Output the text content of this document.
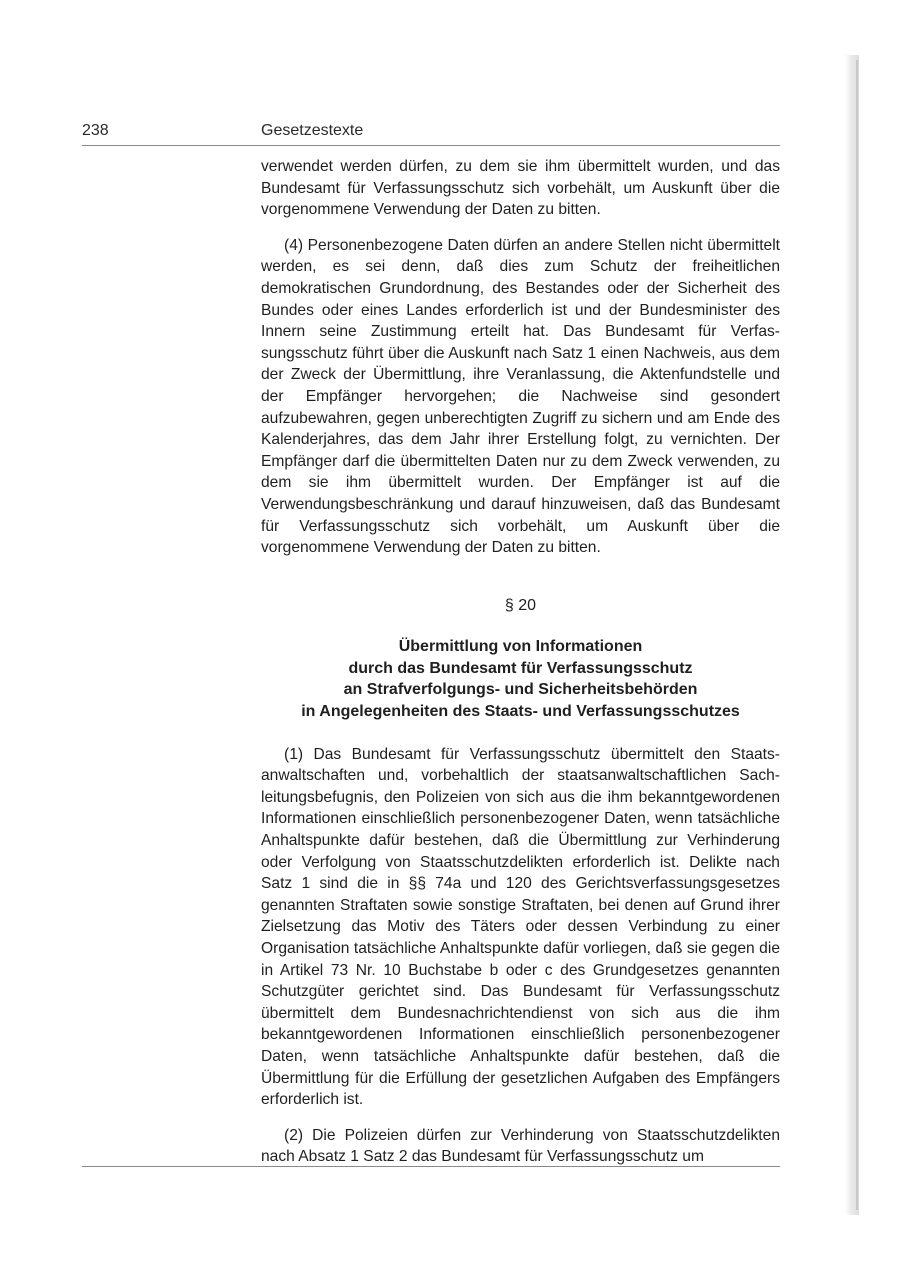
238	Gesetzestexte

verwendet werden dürfen, zu dem sie ihm übermittelt wurden, und das Bundesamt für Verfassungsschutz sich vorbehält, um Auskunft über die vorgenommene Verwendung der Daten zu bitten.

(4) Personenbezogene Daten dürfen an andere Stellen nicht übermittelt werden, es sei denn, daß dies zum Schutz der freiheitlichen demokratischen Grundordnung, des Bestandes oder der Sicherheit des Bundes oder eines Landes erforderlich ist und der Bundesminister des Innern seine Zustimmung erteilt hat. Das Bundesamt für Verfassungsschutz führt über die Auskunft nach Satz 1 einen Nachweis, aus dem der Zweck der Übermittlung, ihre Veranlassung, die Aktenfundstelle und der Empfänger hervorgehen; die Nachweise sind gesondert aufzubewahren, gegen unberechtigten Zugriff zu sichern und am Ende des Kalenderjahres, das dem Jahr ihrer Erstellung folgt, zu vernichten. Der Empfänger darf die übermittelten Daten nur zu dem Zweck verwenden, zu dem sie ihm übermittelt wurden. Der Empfänger ist auf die Verwendungsbeschränkung und darauf hinzuweisen, daß das Bundesamt für Verfassungsschutz sich vorbehält, um Auskunft über die vorgenommene Verwendung der Daten zu bitten.

§ 20

Übermittlung von Informationen
durch das Bundesamt für Verfassungsschutz
an Strafverfolgungs- und Sicherheitsbehörden
in Angelegenheiten des Staats- und Verfassungsschutzes

(1) Das Bundesamt für Verfassungsschutz übermittelt den Staatsanwaltschaften und, vorbehaltlich der staatsanwaltschaftlichen Sachleitungsbefugnis, den Polizeien von sich aus die ihm bekanntgewordenen Informationen einschließlich personenbezogener Daten, wenn tatsächliche Anhaltspunkte dafür bestehen, daß die Übermittlung zur Verhinderung oder Verfolgung von Staatsschutzdelikten erforderlich ist. Delikte nach Satz 1 sind die in §§ 74a und 120 des Gerichtsverfassungsgesetzes genannten Straftaten sowie sonstige Straftaten, bei denen auf Grund ihrer Zielsetzung das Motiv des Täters oder dessen Verbindung zu einer Organisation tatsächliche Anhaltspunkte dafür vorliegen, daß sie gegen die in Artikel 73 Nr. 10 Buchstabe b oder c des Grundgesetzes genannten Schutzgüter gerichtet sind. Das Bundesamt für Verfassungsschutz übermittelt dem Bundesnachrichtendienst von sich aus die ihm bekanntgewordenen Informationen einschließlich personenbezogener Daten, wenn tatsächliche Anhaltspunkte dafür bestehen, daß die Übermittlung für die Erfüllung der gesetzlichen Aufgaben des Empfängers erforderlich ist.

(2) Die Polizeien dürfen zur Verhinderung von Staatsschutzdelikten nach Absatz 1 Satz 2 das Bundesamt für Verfassungsschutz um
